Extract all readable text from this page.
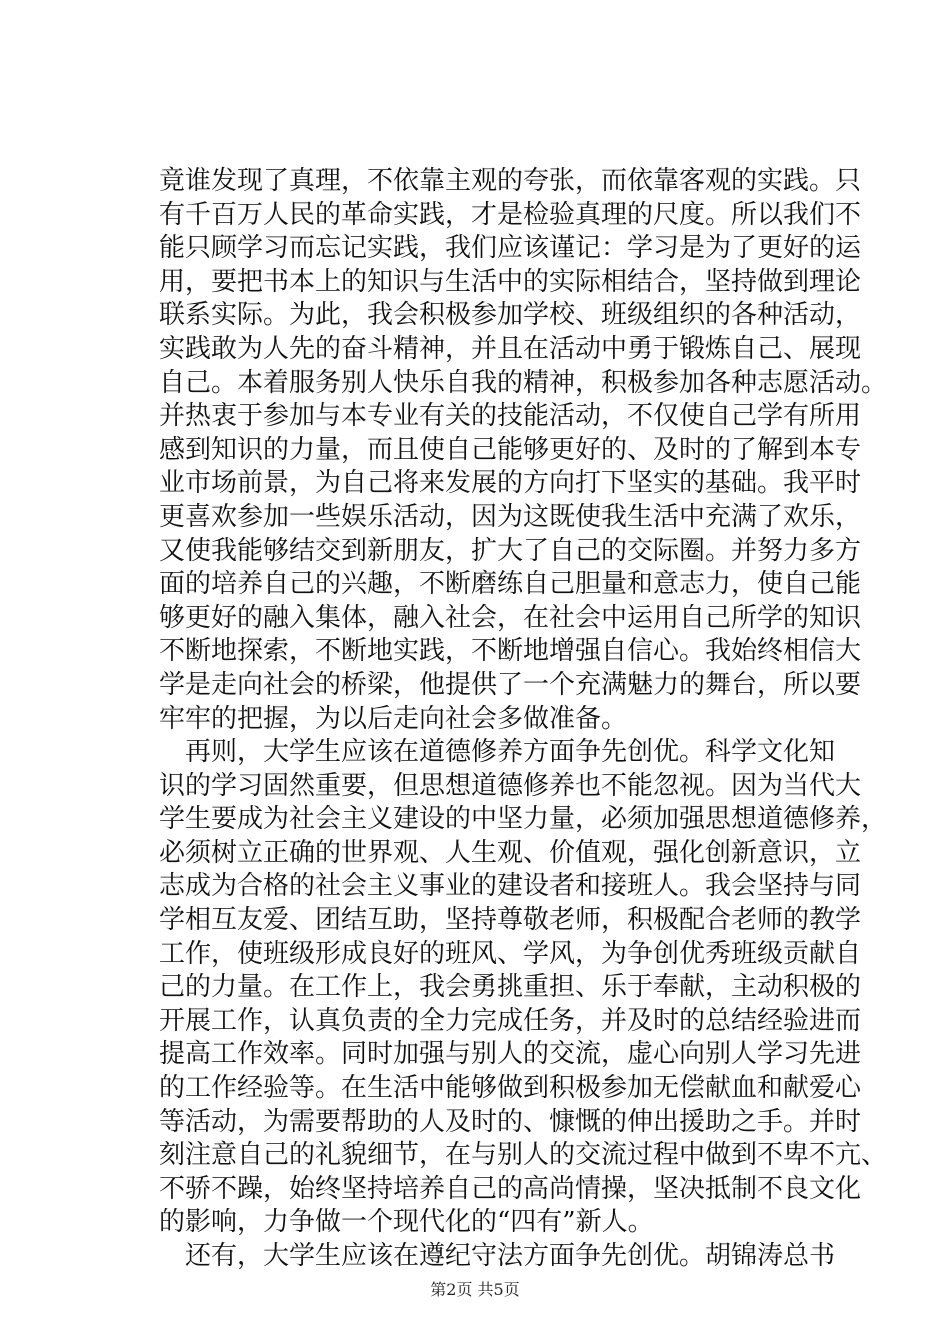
竟谁发现了真理，不依靠主观的夸张，而依靠客观的实践。只
有千百万人民的革命实践，才是检验真理的尺度。所以我们不
能只顾学习而忘记实践，我们应该谨记：学习是为了更好的运
用，要把书本上的知识与生活中的实际相结合，坚持做到理论
联系实际。为此，我会积极参加学校、班级组织的各种活动，
实践敢为人先的奋斗精神，并且在活动中勇于锻炼自己、展现
自己。本着服务别人快乐自我的精神，积极参加各种志愿活动。
并热衷于参加与本专业有关的技能活动，不仅使自己学有所用
感到知识的力量，而且使自己能够更好的、及时的了解到本专
业市场前景，为自己将来发展的方向打下坚实的基础。我平时
更喜欢参加一些娱乐活动，因为这既使我生活中充满了欢乐，
又使我能够结交到新朋友，扩大了自己的交际圈。并努力多方
面的培养自己的兴趣，不断磨练自己胆量和意志力，使自己能
够更好的融入集体，融入社会，在社会中运用自己所学的知识
不断地探索，不断地实践，不断地增强自信心。我始终相信大
学是走向社会的桥梁，他提供了一个充满魅力的舞台，所以要
牢牢的把握，为以后走向社会多做准备。
再则，大学生应该在道德修养方面争先创优。科学文化知
识的学习固然重要，但思想道德修养也不能忽视。因为当代大
学生要成为社会主义建设的中坚力量，必须加强思想道德修养，
必须树立正确的世界观、人生观、价值观，强化创新意识，立
志成为合格的社会主义事业的建设者和接班人。我会坚持与同
学相互友爱、团结互助，坚持尊敬老师，积极配合老师的教学
工作，使班级形成良好的班风、学风，为争创优秀班级贡献自
己的力量。在工作上，我会勇挑重担、乐于奉献，主动积极的
开展工作，认真负责的全力完成任务，并及时的总结经验进而
提高工作效率。同时加强与别人的交流，虚心向别人学习先进
的工作经验等。在生活中能够做到积极参加无偿献血和献爱心
等活动，为需要帮助的人及时的、慷慨的伸出援助之手。并时
刻注意自己的礼貌细节，在与别人的交流过程中做到不卑不亢、
不骄不躁，始终坚持培养自己的高尚情操，坚决抵制不良文化
的影响，力争做一个现代化的“四有”新人。
还有，大学生应该在遵纪守法方面争先创优。胡锦涛总书
第2页 共5页
